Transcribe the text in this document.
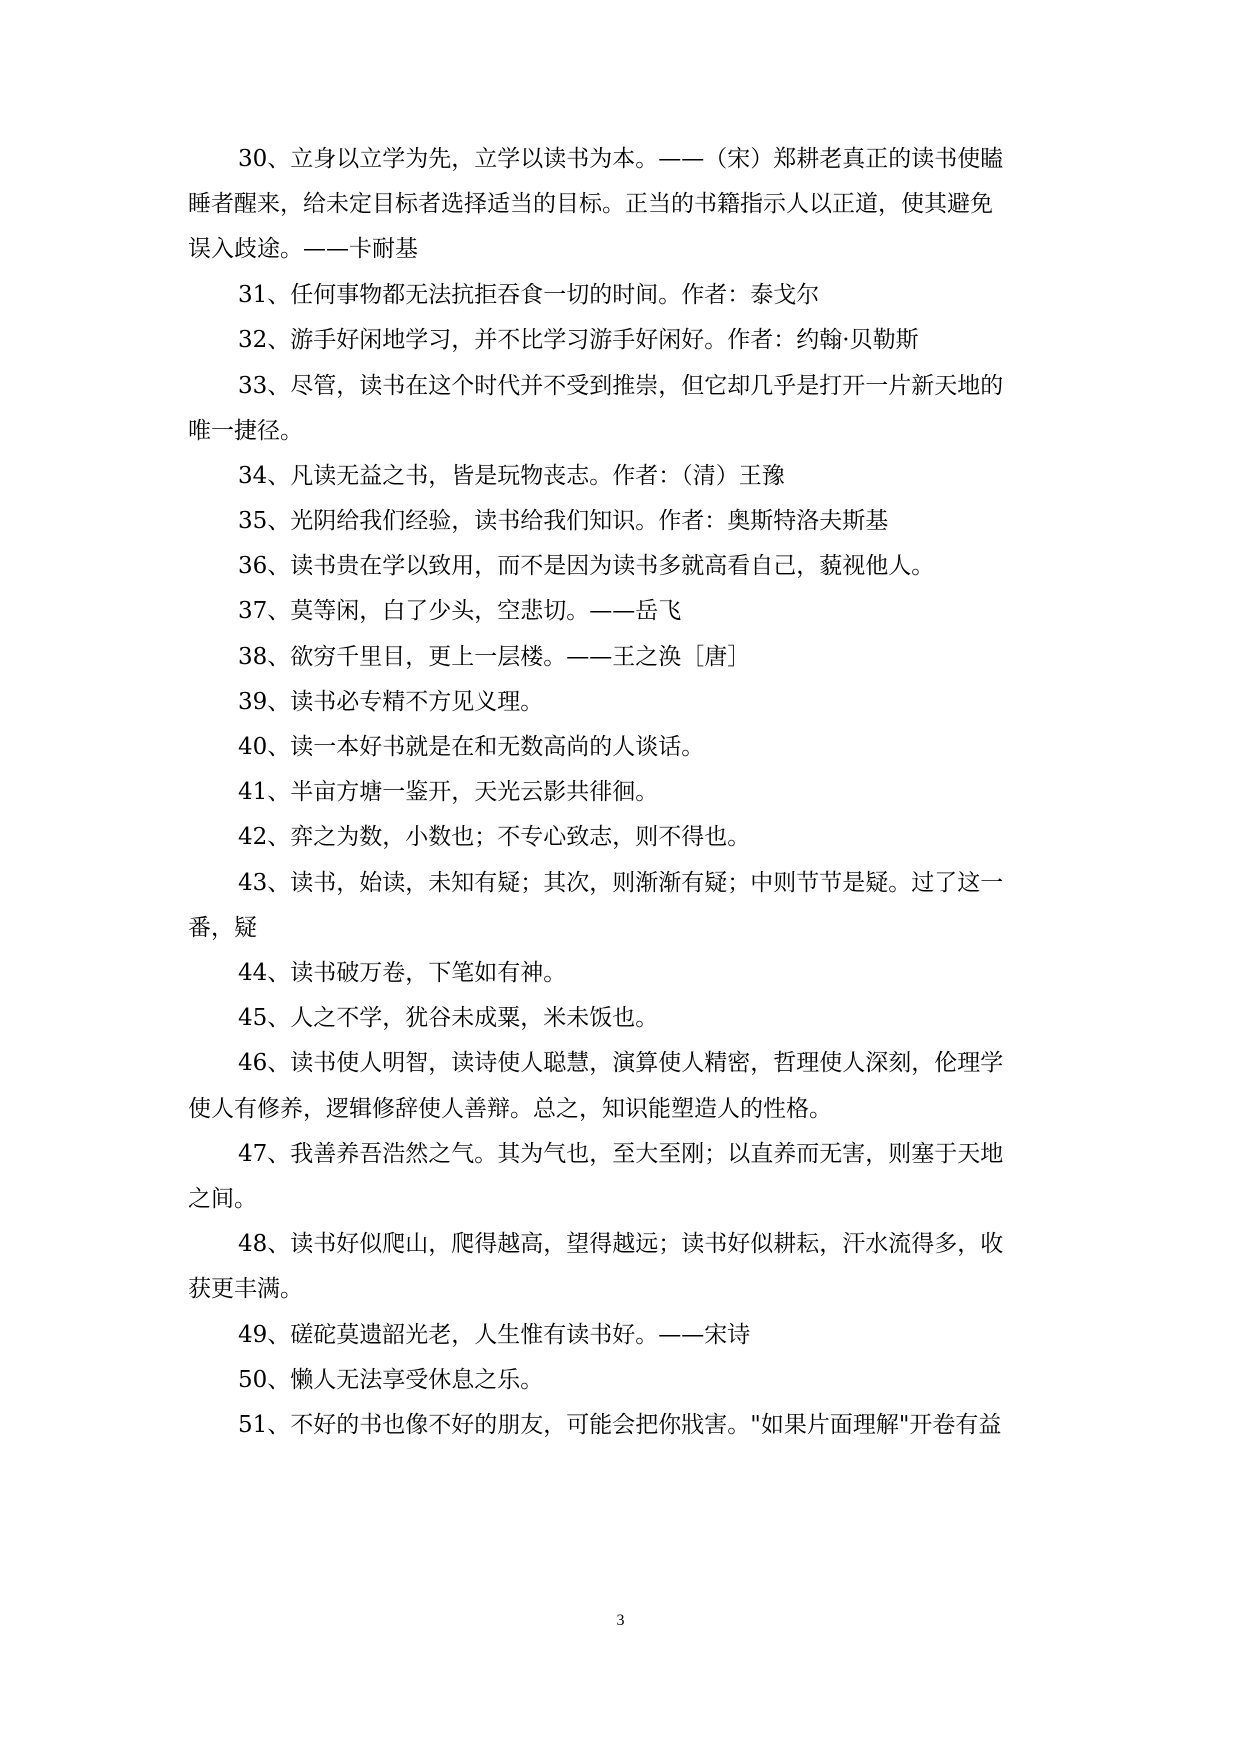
30、立身以立学为先，立学以读书为本。——（宋）郑耕老真正的读书使瞌
睡者醒来，给未定目标者选择适当的目标。正当的书籍指示人以正道，使其避免
误入歧途。——卡耐基
31、任何事物都无法抗拒吞食一切的时间。作者：泰戈尔
32、游手好闲地学习，并不比学习游手好闲好。作者：约翰·贝勒斯
33、尽管，读书在这个时代并不受到推崇，但它却几乎是打开一片新天地的
唯一捷径。
34、凡读无益之书，皆是玩物丧志。作者：（清）王豫
35、光阴给我们经验，读书给我们知识。作者：奥斯特洛夫斯基
36、读书贵在学以致用，而不是因为读书多就高看自己，藐视他人。
37、莫等闲，白了少头，空悲切。——岳飞
38、欲穷千里目，更上一层楼。——王之涣［唐］
39、读书必专精不方见义理。
40、读一本好书就是在和无数高尚的人谈话。
41、半亩方塘一鉴开，天光云影共徘徊。
42、弈之为数，小数也；不专心致志，则不得也。
43、读书，始读，未知有疑；其次，则渐渐有疑；中则节节是疑。过了这一
番，疑
44、读书破万卷，下笔如有神。
45、人之不学，犹谷未成粟，米未饭也。
46、读书使人明智，读诗使人聪慧，演算使人精密，哲理使人深刻，伦理学
使人有修养，逻辑修辞使人善辩。总之，知识能塑造人的性格。
47、我善养吾浩然之气。其为气也，至大至刚；以直养而无害，则塞于天地
之间。
48、读书好似爬山，爬得越高，望得越远；读书好似耕耘，汗水流得多，收
获更丰满。
49、磋砣莫遗韶光老，人生惟有读书好。——宋诗
50、懒人无法享受休息之乐。
51、不好的书也像不好的朋友，可能会把你戕害。"如果片面理解"开卷有益
3
